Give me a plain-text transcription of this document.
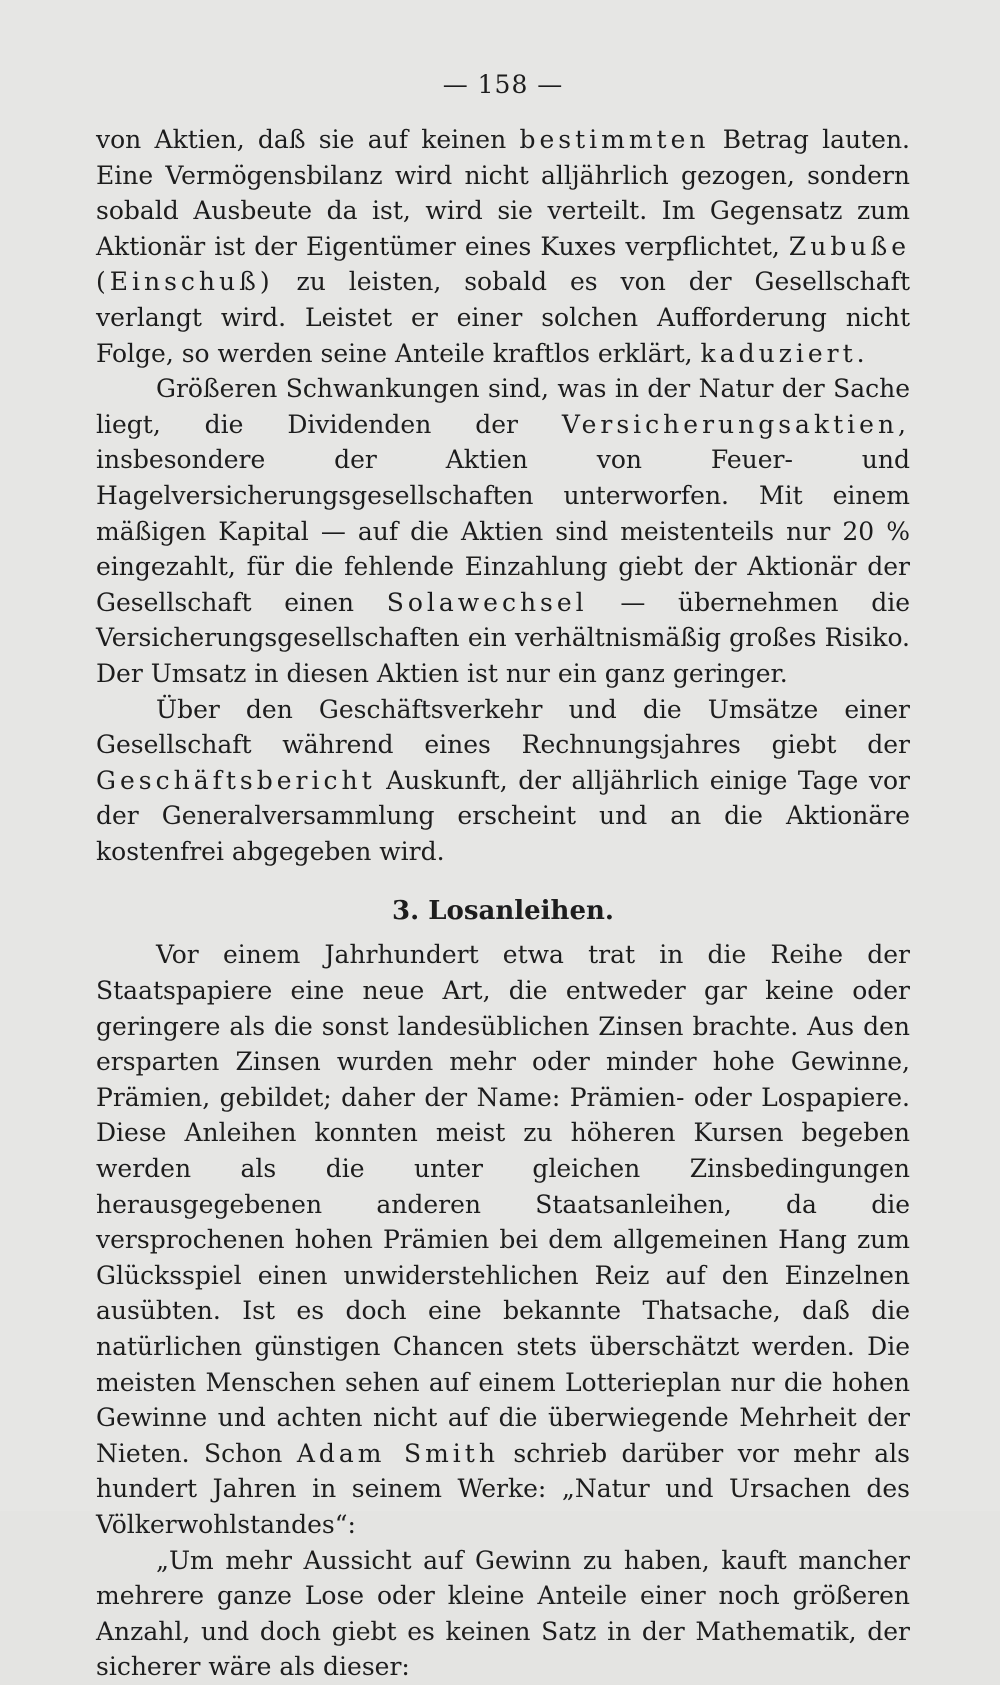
— 158 —

von Aktien, daß sie auf keinen bestimmten Betrag lauten. Eine Vermögensbilanz wird nicht alljährlich gezogen, sondern sobald Ausbeute da ist, wird sie verteilt. Im Gegensatz zum Aktionär ist der Eigentümer eines Kuxes verpflichtet, Zubuße (Einschuß) zu leisten, sobald es von der Gesellschaft verlangt wird. Leistet er einer solchen Aufforderung nicht Folge, so werden seine Anteile kraftlos erklärt, kaduziert.

Größeren Schwankungen sind, was in der Natur der Sache liegt, die Dividenden der Versicherungsaktien, insbesondere der Aktien von Feuer- und Hagelversicherungsgesellschaften unterworfen. Mit einem mäßigen Kapital — auf die Aktien sind meistenteils nur 20 % eingezahlt, für die fehlende Einzahlung giebt der Aktionär der Gesellschaft einen Solawechsel — übernehmen die Versicherungsgesellschaften ein verhältnismäßig großes Risiko. Der Umsatz in diesen Aktien ist nur ein ganz geringer.

Über den Geschäftsverkehr und die Umsätze einer Gesellschaft während eines Rechnungsjahres giebt der Geschäftsbericht Auskunft, der alljährlich einige Tage vor der Generalversammlung erscheint und an die Aktionäre kostenfrei abgegeben wird.

3. Losanleihen.

Vor einem Jahrhundert etwa trat in die Reihe der Staatspapiere eine neue Art, die entweder gar keine oder geringere als die sonst landesüblichen Zinsen brachte. Aus den ersparten Zinsen wurden mehr oder minder hohe Gewinne, Prämien, gebildet; daher der Name: Prämien- oder Lospapiere. Diese Anleihen konnten meist zu höheren Kursen begeben werden als die unter gleichen Zinsbedingungen herausgegebenen anderen Staatsanleihen, da die versprochenen hohen Prämien bei dem allgemeinen Hang zum Glücksspiel einen unwiderstehlichen Reiz auf den Einzelnen ausübten. Ist es doch eine bekannte Thatsache, daß die natürlichen günstigen Chancen stets überschätzt werden. Die meisten Menschen sehen auf einem Lotterieplan nur die hohen Gewinne und achten nicht auf die überwiegende Mehrheit der Nieten. Schon Adam Smith schrieb darüber vor mehr als hundert Jahren in seinem Werke: „Natur und Ursachen des Völkerwohlstandes“:

„Um mehr Aussicht auf Gewinn zu haben, kauft mancher mehrere ganze Lose oder kleine Anteile einer noch größeren Anzahl, und doch giebt es keinen Satz in der Mathematik, der sicherer wäre als dieser:
